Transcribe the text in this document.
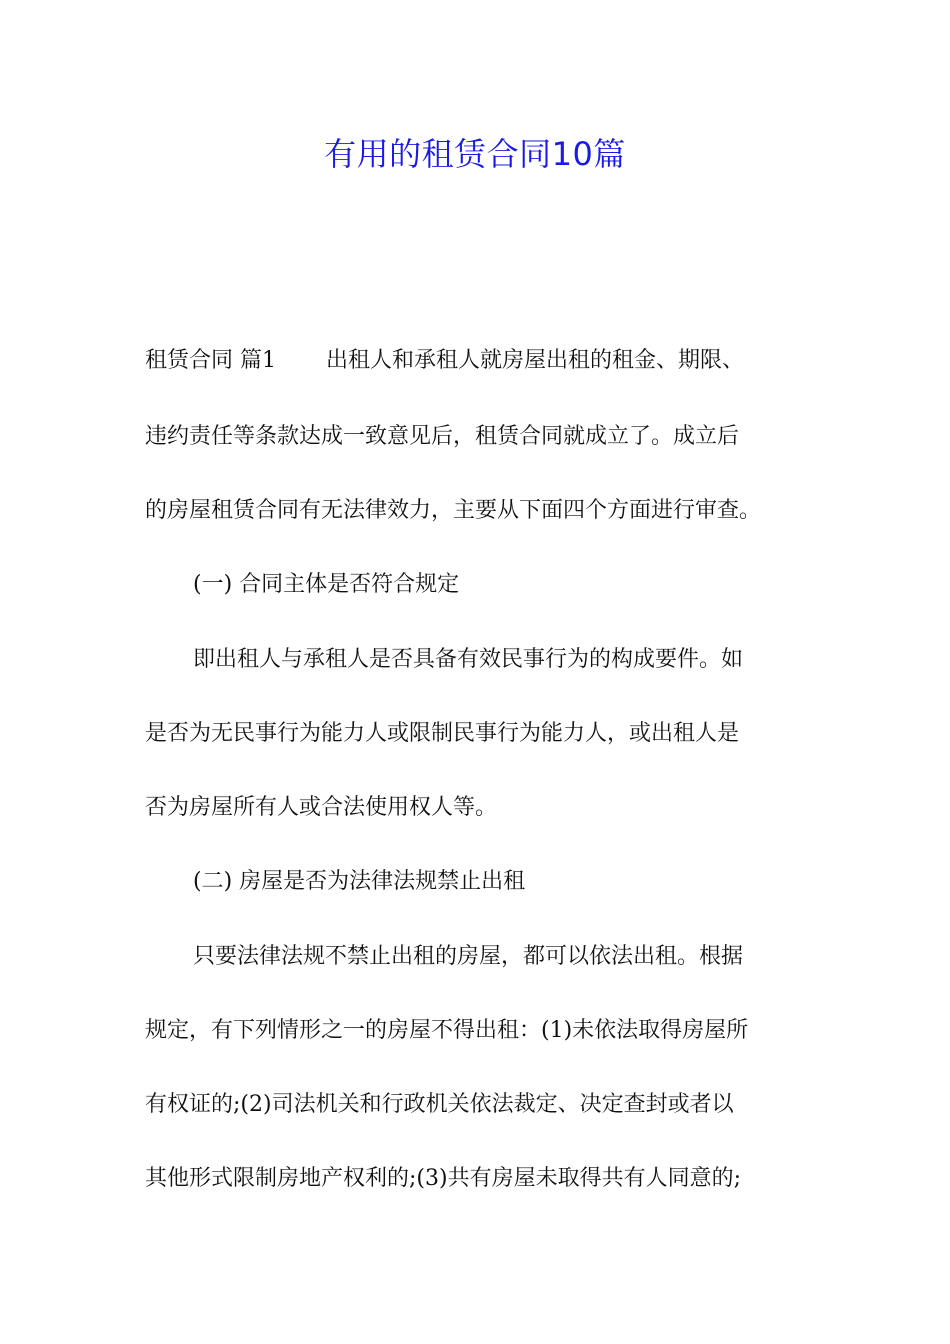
有用的租赁合同10篇

租赁合同 篇1 出租人和承租人就房屋出租的租金、期限、

违约责任等条款达成一致意见后，租赁合同就成立了。成立后

的房屋租赁合同有无法律效力，主要从下面四个方面进行审查。

(一) 合同主体是否符合规定

即出租人与承租人是否具备有效民事行为的构成要件。如

是否为无民事行为能力人或限制民事行为能力人，或出租人是

否为房屋所有人或合法使用权人等。

(二) 房屋是否为法律法规禁止出租

只要法律法规不禁止出租的房屋，都可以依法出租。根据

规定，有下列情形之一的房屋不得出租：(1)未依法取得房屋所

有权证的;(2)司法机关和行政机关依法裁定、决定查封或者以

其他形式限制房地产权利的;(3)共有房屋未取得共有人同意的;
